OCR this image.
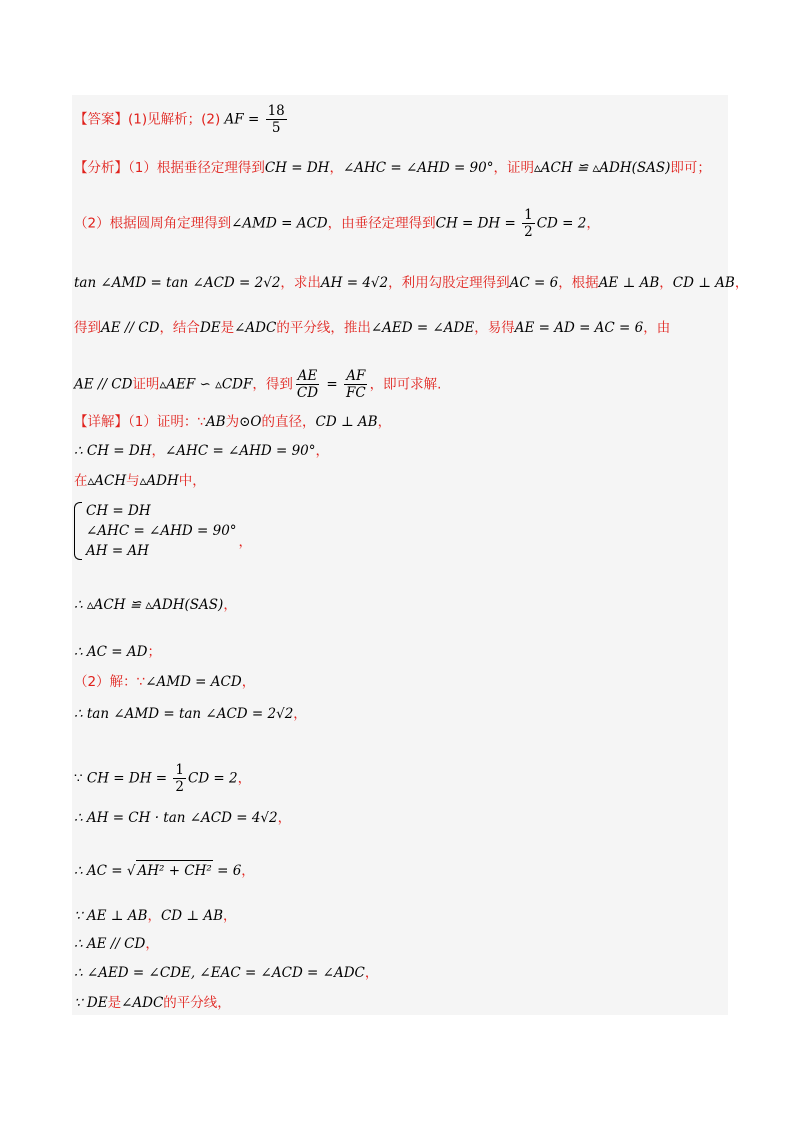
【答案】(1)见解析；(2) AF = $\frac{18}{5}$
【分析】（1）根据垂径定理得到CH = DH，∠AHC = ∠AHD = 90°，证明▵ACH ≌ ▵ADH(SAS)即可；
（2）根据圆周角定理得到∠AMD = ACD，由垂径定理得到CH = DH = $\frac{1}{2}$ CD = 2，
tan ∠AMD = tan ∠ACD = 2√2，求出AH = 4√2，利用勾股定理得到AC = 6，根据AE ⊥ AB，CD ⊥ AB，
得到AE // CD，结合DE是∠ADC的平分线，推出∠AED = ∠ADE，易得AE = AD = AC = 6，由
AE // CD证明▵AEF ∽ ▵CDF，得到 $\frac{AE}{CD} = \frac{AF}{FC}$ ，即可求解.
【详解】（1）证明：∵AB为⊙O的直径，CD ⊥ AB，
∴ CH = DH，∠AHC = ∠AHD = 90°，
在▵ACH与▵ADH中，
CH = DH
∠AHC = ∠AHD = 90°
AH = AH
，
∴ ▵ACH ≌ ▵ADH(SAS)，
∴ AC = AD；
（2）解：∵∠AMD = ACD，
∴ tan ∠AMD = tan ∠ACD = 2√2，
∵ CH = DH = $\frac{1}{2}$ CD = 2，
∴ AH = CH · tan ∠ACD = 4√2，
∴ AC = √ AH² + CH² = 6，
∵ AE ⊥ AB，CD ⊥ AB，
∴ AE // CD，
∴ ∠AED = ∠CDE, ∠EAC = ∠ACD = ∠ADC，
∵ DE是∠ADC的平分线，
